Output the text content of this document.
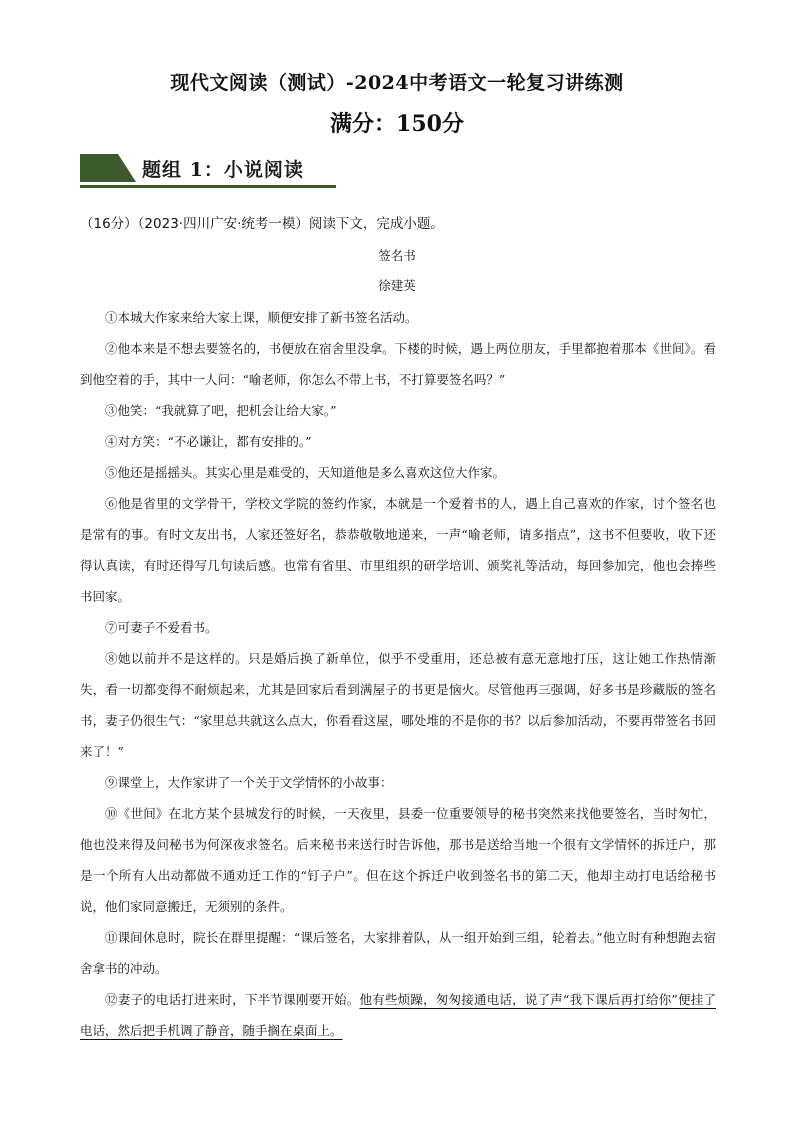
现代文阅读（测试）-2024中考语文一轮复习讲练测
满分：150分
题组 1：小说阅读
（16分）（2023·四川广安·统考一模）阅读下文，完成小题。
签名书
徐建英

①本城大作家来给大家上课，顺便安排了新书签名活动。

②他本来是不想去要签名的，书便放在宿舍里没拿。下楼的时候，遇上两位朋友，手里都抱着那本《世间》。看到他空着的手，其中一人问：“喻老师，你怎么不带上书，不打算要签名吗？”

③他笑：“我就算了吧，把机会让给大家。”

④对方笑：“不必谦让，都有安排的。”

⑤他还是摇摇头。其实心里是难受的，天知道他是多么喜欢这位大作家。

⑥他是省里的文学骨干，学校文学院的签约作家，本就是一个爱着书的人，遇上自己喜欢的作家，讨个签名也是常有的事。有时文友出书，人家还签好名，恭恭敬敬地递来，一声“喻老师，请多指点”，这书不但要收，收下还得认真读，有时还得写几句读后感。也常有省里、市里组织的研学培训、颁奖礼等活动，每回参加完，他也会捧些书回家。

⑦可妻子不爱看书。

⑧她以前并不是这样的。只是婚后换了新单位，似乎不受重用，还总被有意无意地打压，这让她工作热情渐失，看一切都变得不耐烦起来，尤其是回家后看到满屋子的书更是恼火。尽管他再三强调，好多书是珍藏版的签名书，妻子仍很生气：“家里总共就这么点大，你看看这屋，哪处堆的不是你的书？以后参加活动，不要再带签名书回来了！”

⑨课堂上，大作家讲了一个关于文学情怀的小故事：

⑩《世间》在北方某个县城发行的时候，一天夜里，县委一位重要领导的秘书突然来找他要签名，当时匆忙，他也没来得及问秘书为何深夜求签名。后来秘书来送行时告诉他，那书是送给当地一个很有文学情怀的拆迁户，那是一个所有人出动都做不通劝迁工作的“钉子户”。但在这个拆迁户收到签名书的第二天，他却主动打电话给秘书说，他们家同意搬迁，无须别的条件。

⑪课间休息时，院长在群里提醒：“课后签名，大家排着队，从一组开始到三组，轮着去。”他立时有种想跑去宿舍拿书的冲动。

⑫妻子的电话打进来时，下半节课刚要开始。他有些烦躁，匆匆接通电话，说了声“我下课后再打给你”便挂了电话，然后把手机调了静音，随手搁在桌面上。
